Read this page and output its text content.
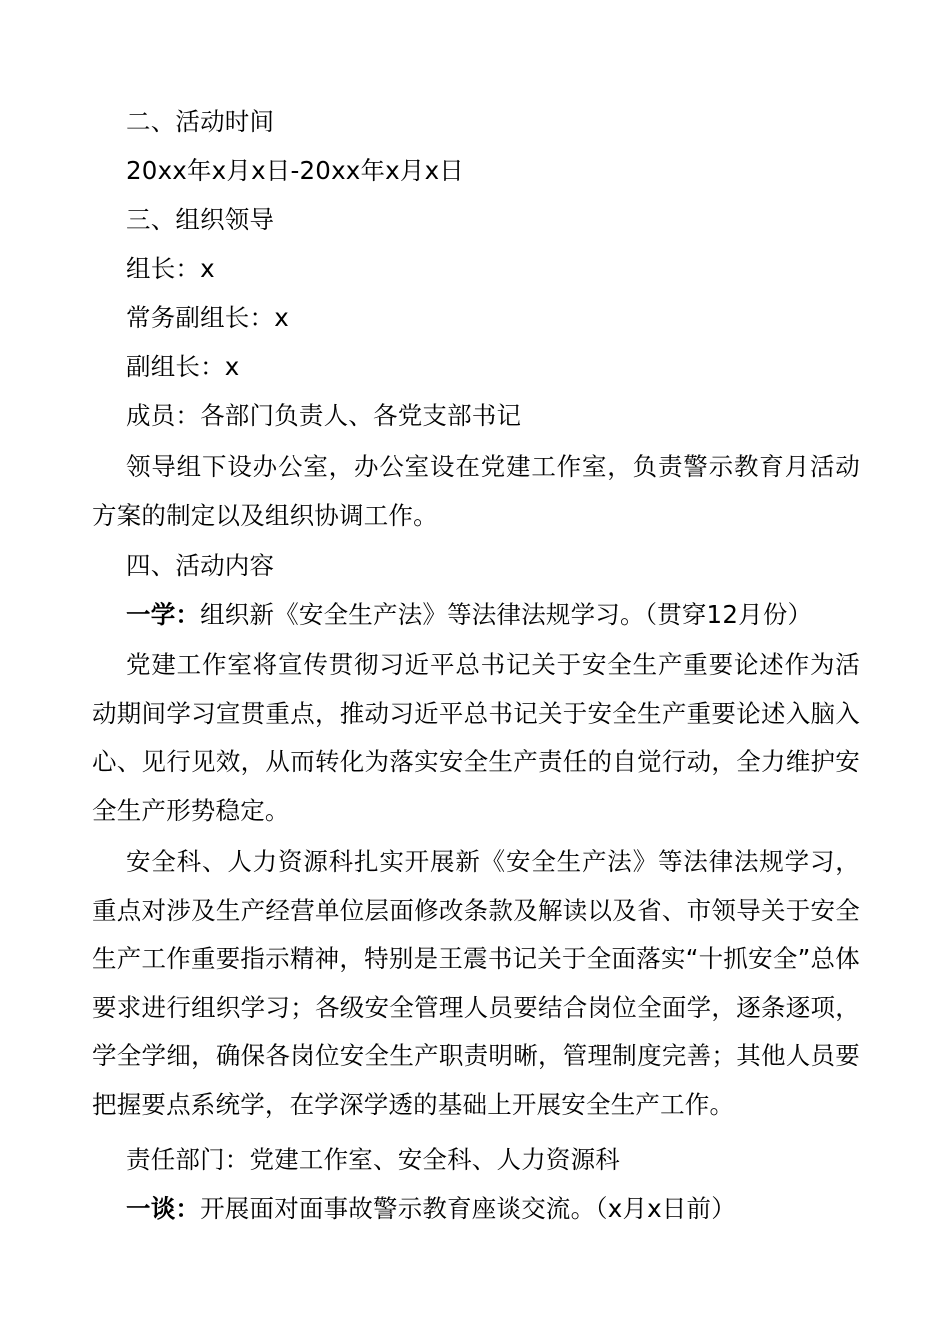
二、活动时间

20xx年x月x日-20xx年x月x日

三、组织领导

组长：x

常务副组长：x

副组长：x

成员：各部门负责人、各党支部书记

领导组下设办公室，办公室设在党建工作室，负责警示教育月活动方案的制定以及组织协调工作。

四、活动内容

一学：组织新《安全生产法》等法律法规学习。（贯穿12月份）

党建工作室将宣传贯彻习近平总书记关于安全生产重要论述作为活动期间学习宣贯重点，推动习近平总书记关于安全生产重要论述入脑入心、见行见效，从而转化为落实安全生产责任的自觉行动，全力维护安全生产形势稳定。

安全科、人力资源科扎实开展新《安全生产法》等法律法规学习，重点对涉及生产经营单位层面修改条款及解读以及省、市领导关于安全生产工作重要指示精神，特别是王震书记关于全面落实“十抓安全”总体要求进行组织学习；各级安全管理人员要结合岗位全面学，逐条逐项，学全学细，确保各岗位安全生产职责明晰，管理制度完善；其他人员要把握要点系统学，在学深学透的基础上开展安全生产工作。

责任部门：党建工作室、安全科、人力资源科

一谈：开展面对面事故警示教育座谈交流。（x月x日前）
